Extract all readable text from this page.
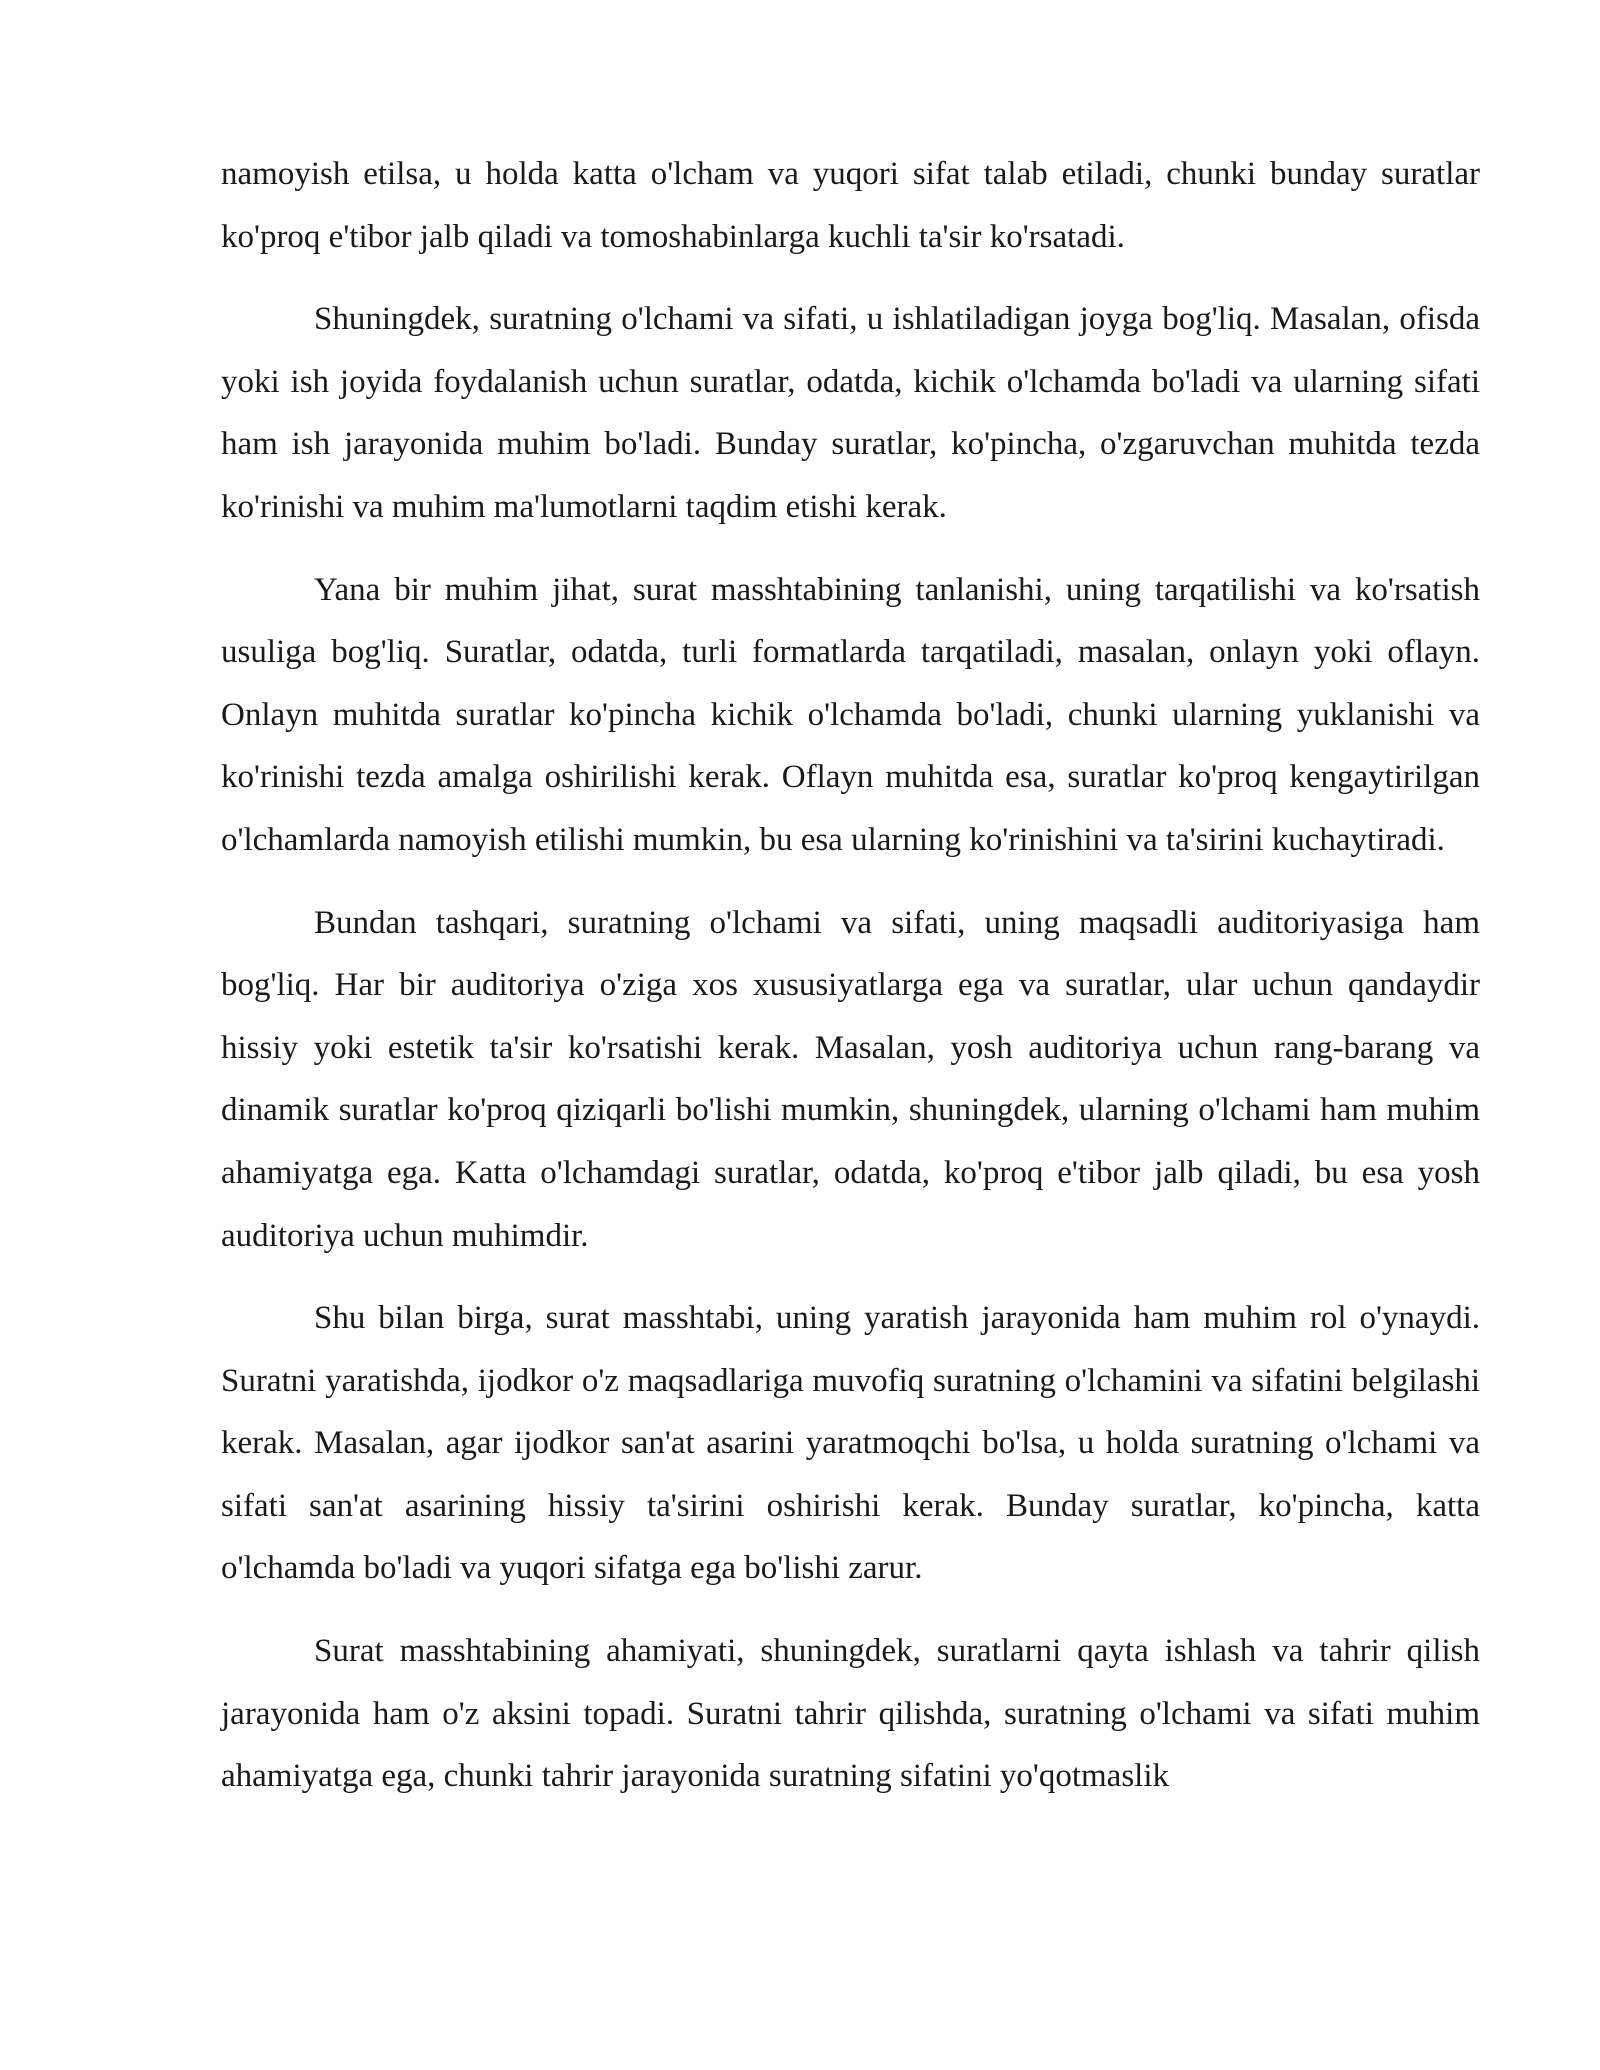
namoyish etilsa, u holda katta o'lcham va yuqori sifat talab etiladi, chunki bunday suratlar ko'proq e'tibor jalb qiladi va tomoshabinlarga kuchli ta'sir ko'rsatadi.

Shuningdek, suratning o'lchami va sifati, u ishlatiladigan joyga bog'liq. Masalan, ofisda yoki ish joyida foydalanish uchun suratlar, odatda, kichik o'lchamda bo'ladi va ularning sifati ham ish jarayonida muhim bo'ladi. Bunday suratlar, ko'pincha, o'zgaruvchan muhitda tezda ko'rinishi va muhim ma'lumotlarni taqdim etishi kerak.

Yana bir muhim jihat, surat masshtabining tanlanishi, uning tarqatilishi va ko'rsatish usuliga bog'liq. Suratlar, odatda, turli formatlarda tarqatiladi, masalan, onlayn yoki oflayn. Onlayn muhitda suratlar ko'pincha kichik o'lchamda bo'ladi, chunki ularning yuklanishi va ko'rinishi tezda amalga oshirilishi kerak. Oflayn muhitda esa, suratlar ko'proq kengaytirilgan o'lchamlarda namoyish etilishi mumkin, bu esa ularning ko'rinishini va ta'sirini kuchaytiradi.

Bundan tashqari, suratning o'lchami va sifati, uning maqsadli auditoriyasiga ham bog'liq. Har bir auditoriya o'ziga xos xususiyatlarga ega va suratlar, ular uchun qandaydir hissiy yoki estetik ta'sir ko'rsatishi kerak. Masalan, yosh auditoriya uchun rang-barang va dinamik suratlar ko'proq qiziqarli bo'lishi mumkin, shuningdek, ularning o'lchami ham muhim ahamiyatga ega. Katta o'lchamdagi suratlar, odatda, ko'proq e'tibor jalb qiladi, bu esa yosh auditoriya uchun muhimdir.

Shu bilan birga, surat masshtabi, uning yaratish jarayonida ham muhim rol o'ynaydi. Suratni yaratishda, ijodkor o'z maqsadlariga muvofiq suratning o'lchamini va sifatini belgilashi kerak. Masalan, agar ijodkor san'at asarini yaratmoqchi bo'lsa, u holda suratning o'lchami va sifati san'at asarining hissiy ta'sirini oshirishi kerak. Bunday suratlar, ko'pincha, katta o'lchamda bo'ladi va yuqori sifatga ega bo'lishi zarur.

Surat masshtabining ahamiyati, shuningdek, suratlarni qayta ishlash va tahrir qilish jarayonida ham o'z aksini topadi. Suratni tahrir qilishda, suratning o'lchami va sifati muhim ahamiyatga ega, chunki tahrir jarayonida suratning sifatini yo'qotmaslik
